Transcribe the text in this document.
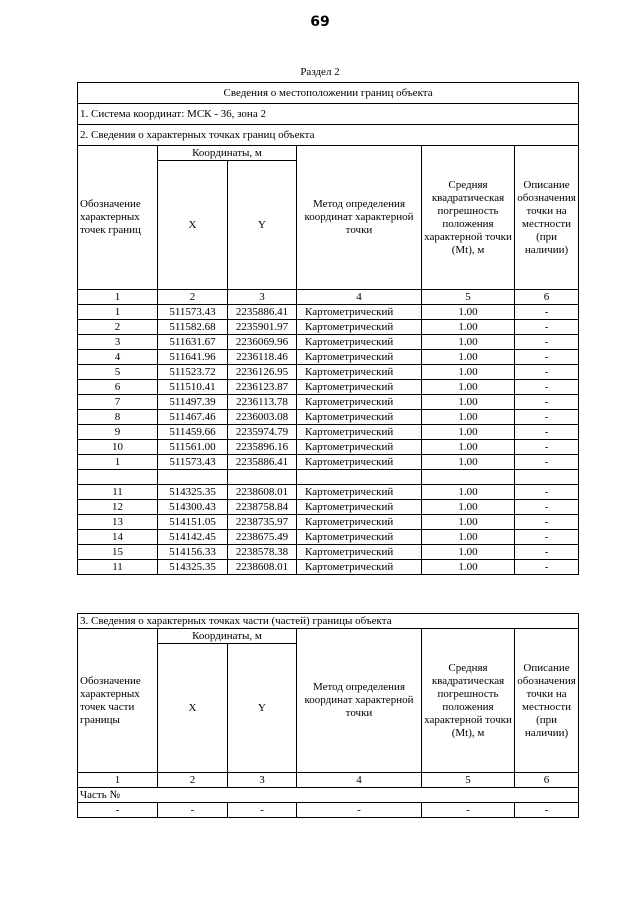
69
Раздел 2
Сведения о местоположении границ объекта					
1. Система координат: МСК - 36, зона 2					
2. Сведения о характерных точках границ объекта					
Обозначение характерных точек границ	Координаты, м		Метод определения координат характерной точки	Средняя квадратическая погрешность положения характерной точки (Mt), м	Описание обозначения точки на местности (при наличии)
	X	Y			
1	2	3	4	5	6
1	511573.43	2235886.41	Картометрический	1.00	-
2	511582.68	2235901.97	Картометрический	1.00	-
3	511631.67	2236069.96	Картометрический	1.00	-
4	511641.96	2236118.46	Картометрический	1.00	-
5	511523.72	2236126.95	Картометрический	1.00	-
6	511510.41	2236123.87	Картометрический	1.00	-
7	511497.39	2236113.78	Картометрический	1.00	-
8	511467.46	2236003.08	Картометрический	1.00	-
9	511459.66	2235974.79	Картометрический	1.00	-
10	511561.00	2235896.16	Картометрический	1.00	-
1	511573.43	2235886.41	Картометрический	1.00	-

11	514325.35	2238608.01	Картометрический	1.00	-
12	514300.43	2238758.84	Картометрический	1.00	-
13	514151.05	2238735.97	Картометрический	1.00	-
14	514142.45	2238675.49	Картометрический	1.00	-
15	514156.33	2238578.38	Картометрический	1.00	-
11	514325.35	2238608.01	Картометрический	1.00	-
3. Сведения о характерных точках части (частей) границы объекта					
Обозначение характерных точек части границы	Координаты, м		Метод определения координат характерной точки	Средняя квадратическая погрешность положения характерной точки (Mt), м	Описание обозначения точки на местности (при наличии)
	X	Y			
1	2	3	4	5	6
Часть №					
-	-	-	-	-	-
